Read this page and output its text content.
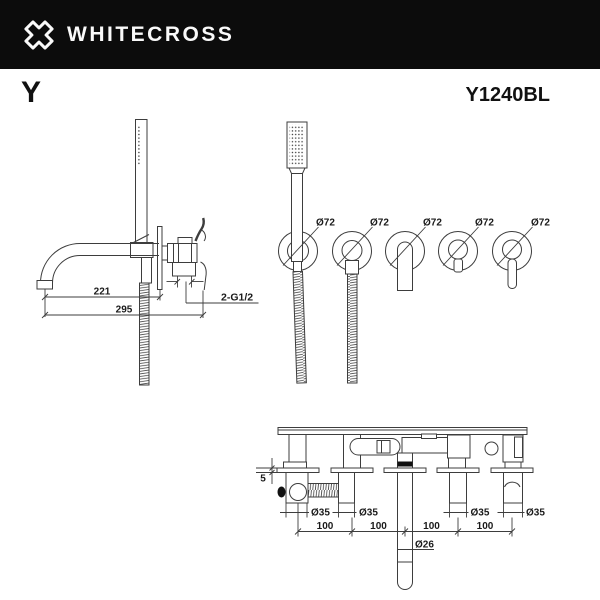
WHITECROSS
Y	Y1240BL
221
295
2-G1/2
Ø72	Ø72	Ø72	Ø72	Ø72
5
Ø35	Ø35	Ø35	Ø35
100	100	100	100
Ø26
